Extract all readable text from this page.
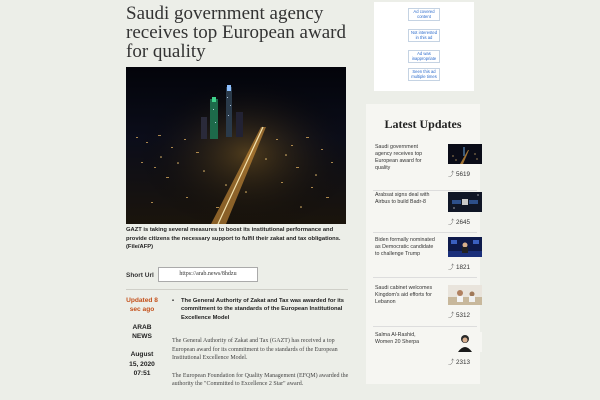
Saudi government agency receives top European award for quality
GAZT is taking several measures to boost its institutional performance and provide citizens the necessary support to fulfil their zakat and tax obligations. (File/AFP)
Short Url	https://arab.news/8hdzu
Updated 8 sec ago
ARAB NEWS
August 15, 2020 07:51
• The General Authority of Zakat and Tax was awarded for its commitment to the standards of the European Institutional Excellence Model

The General Authority of Zakat and Tax (GAZT) has received a top European award for its commitment to the standards of the European Institutional Excellence Model.

The European Foundation for Quality Management (EFQM) awarded the authority the "Committed to Excellence 2 Star" award.

Ad covered content
Not interested in this ad
Ad was inappropriate
Seen this ad multiple times
Latest Updates
Saudi government agency receives top European award for quality
⤴ 5619
Arabsat signs deal with Airbus to build Badr-8
⤴ 2645
Biden formally nominated as Democratic candidate to challenge Trump
⤴ 1821
Saudi cabinet welcomes Kingdom's aid efforts for Lebanon
⤴ 5312
Salma Al-Rashid, Women 20 Sherpa
⤴ 2313
